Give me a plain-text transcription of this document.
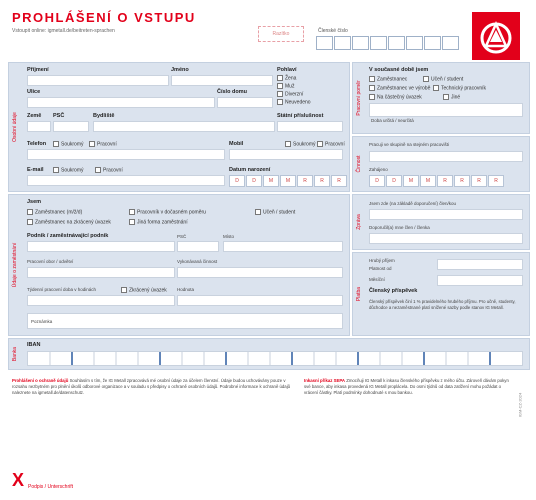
PROHLÁŠENÍ O VSTUPU
Vstoupit online: igmetall.de/beitreten-sprachen	Razítko	Členské číslo
Osobní údaje
Příjmení	Jméno	Pohlaví
Žena
Muž
Diverzní
Neuvedeno
Ulice	Číslo domu
Země PSČ	Bydliště	Státní příslušnost
Telefon	Soukromý	Pracovní	Mobil	Soukromý	Pracovní
E-mail	Soukromý	Pracovní	Datum narození
D	D	M	M	R	R	R
Pracovní poměr
V současné době jsem
Zaměstnanec	Učeň / student
Zaměstnanec ve výrobě	Technický pracovník
Na částečný úvazek	Jiné
Doba určitá / neurčitá
Činnost
Pracuji ve skupině na stejném pracovišti
Zahájeno
D	D	M	M	R	R	R	R
Údaje o zaměstnání
Jsem
Zaměstnanec (m/ž/d)	Pracovník v dočasném poměru	Učeň / student
Zaměstnanec na zkrácený úvazek	Jiná forma zaměstnání
Podnik / zaměstnávající podnik	PSČ	Místo
Pracovní obor / odvětví	Vykonávaná činnost
Týdenní pracovní doba v hodinách	Zkrácený úvazek Hodnota
Poznámka
Zpráva
Jsem zde (na základě doporučení) člen/kou
Doporučil(a) mne člen / členka
Platba
Hrubý příjem
Platnost od
Měsíční
Členský příspěvek
Členský příspěvek činí 1 % pravidelného hrubého příjmu. Pro učně, studenty, důchodce a nezaměstnané platí snížené sazby podle stanov IG Metall.
Banka
IBAN
Prohlášení o ochraně údajů Souhlasím s tím, že IG Metall zpracovává mé osobní údaje za účelem členství. Údaje budou uchovávány pouze v rozsahu nezbytném pro plnění úkolů odborové organizace a v souladu s předpisy o ochraně osobních údajů. Podrobné informace k ochraně údajů naleznete na igmetall.de/datenschutz.
Inkasní příkaz SEPA Zmocňuji IG Metall k inkasu členského příspěvku z mého účtu. Zároveň dávám pokyn své bance, aby inkasa provedená IG Metall proplácela. Do osmi týdnů od data zatížení mohu požádat o vrácení částky. Platí podmínky dohodnuté s mou bankou.	IGM-CZ-2024
X Podpis / Unterschrift
